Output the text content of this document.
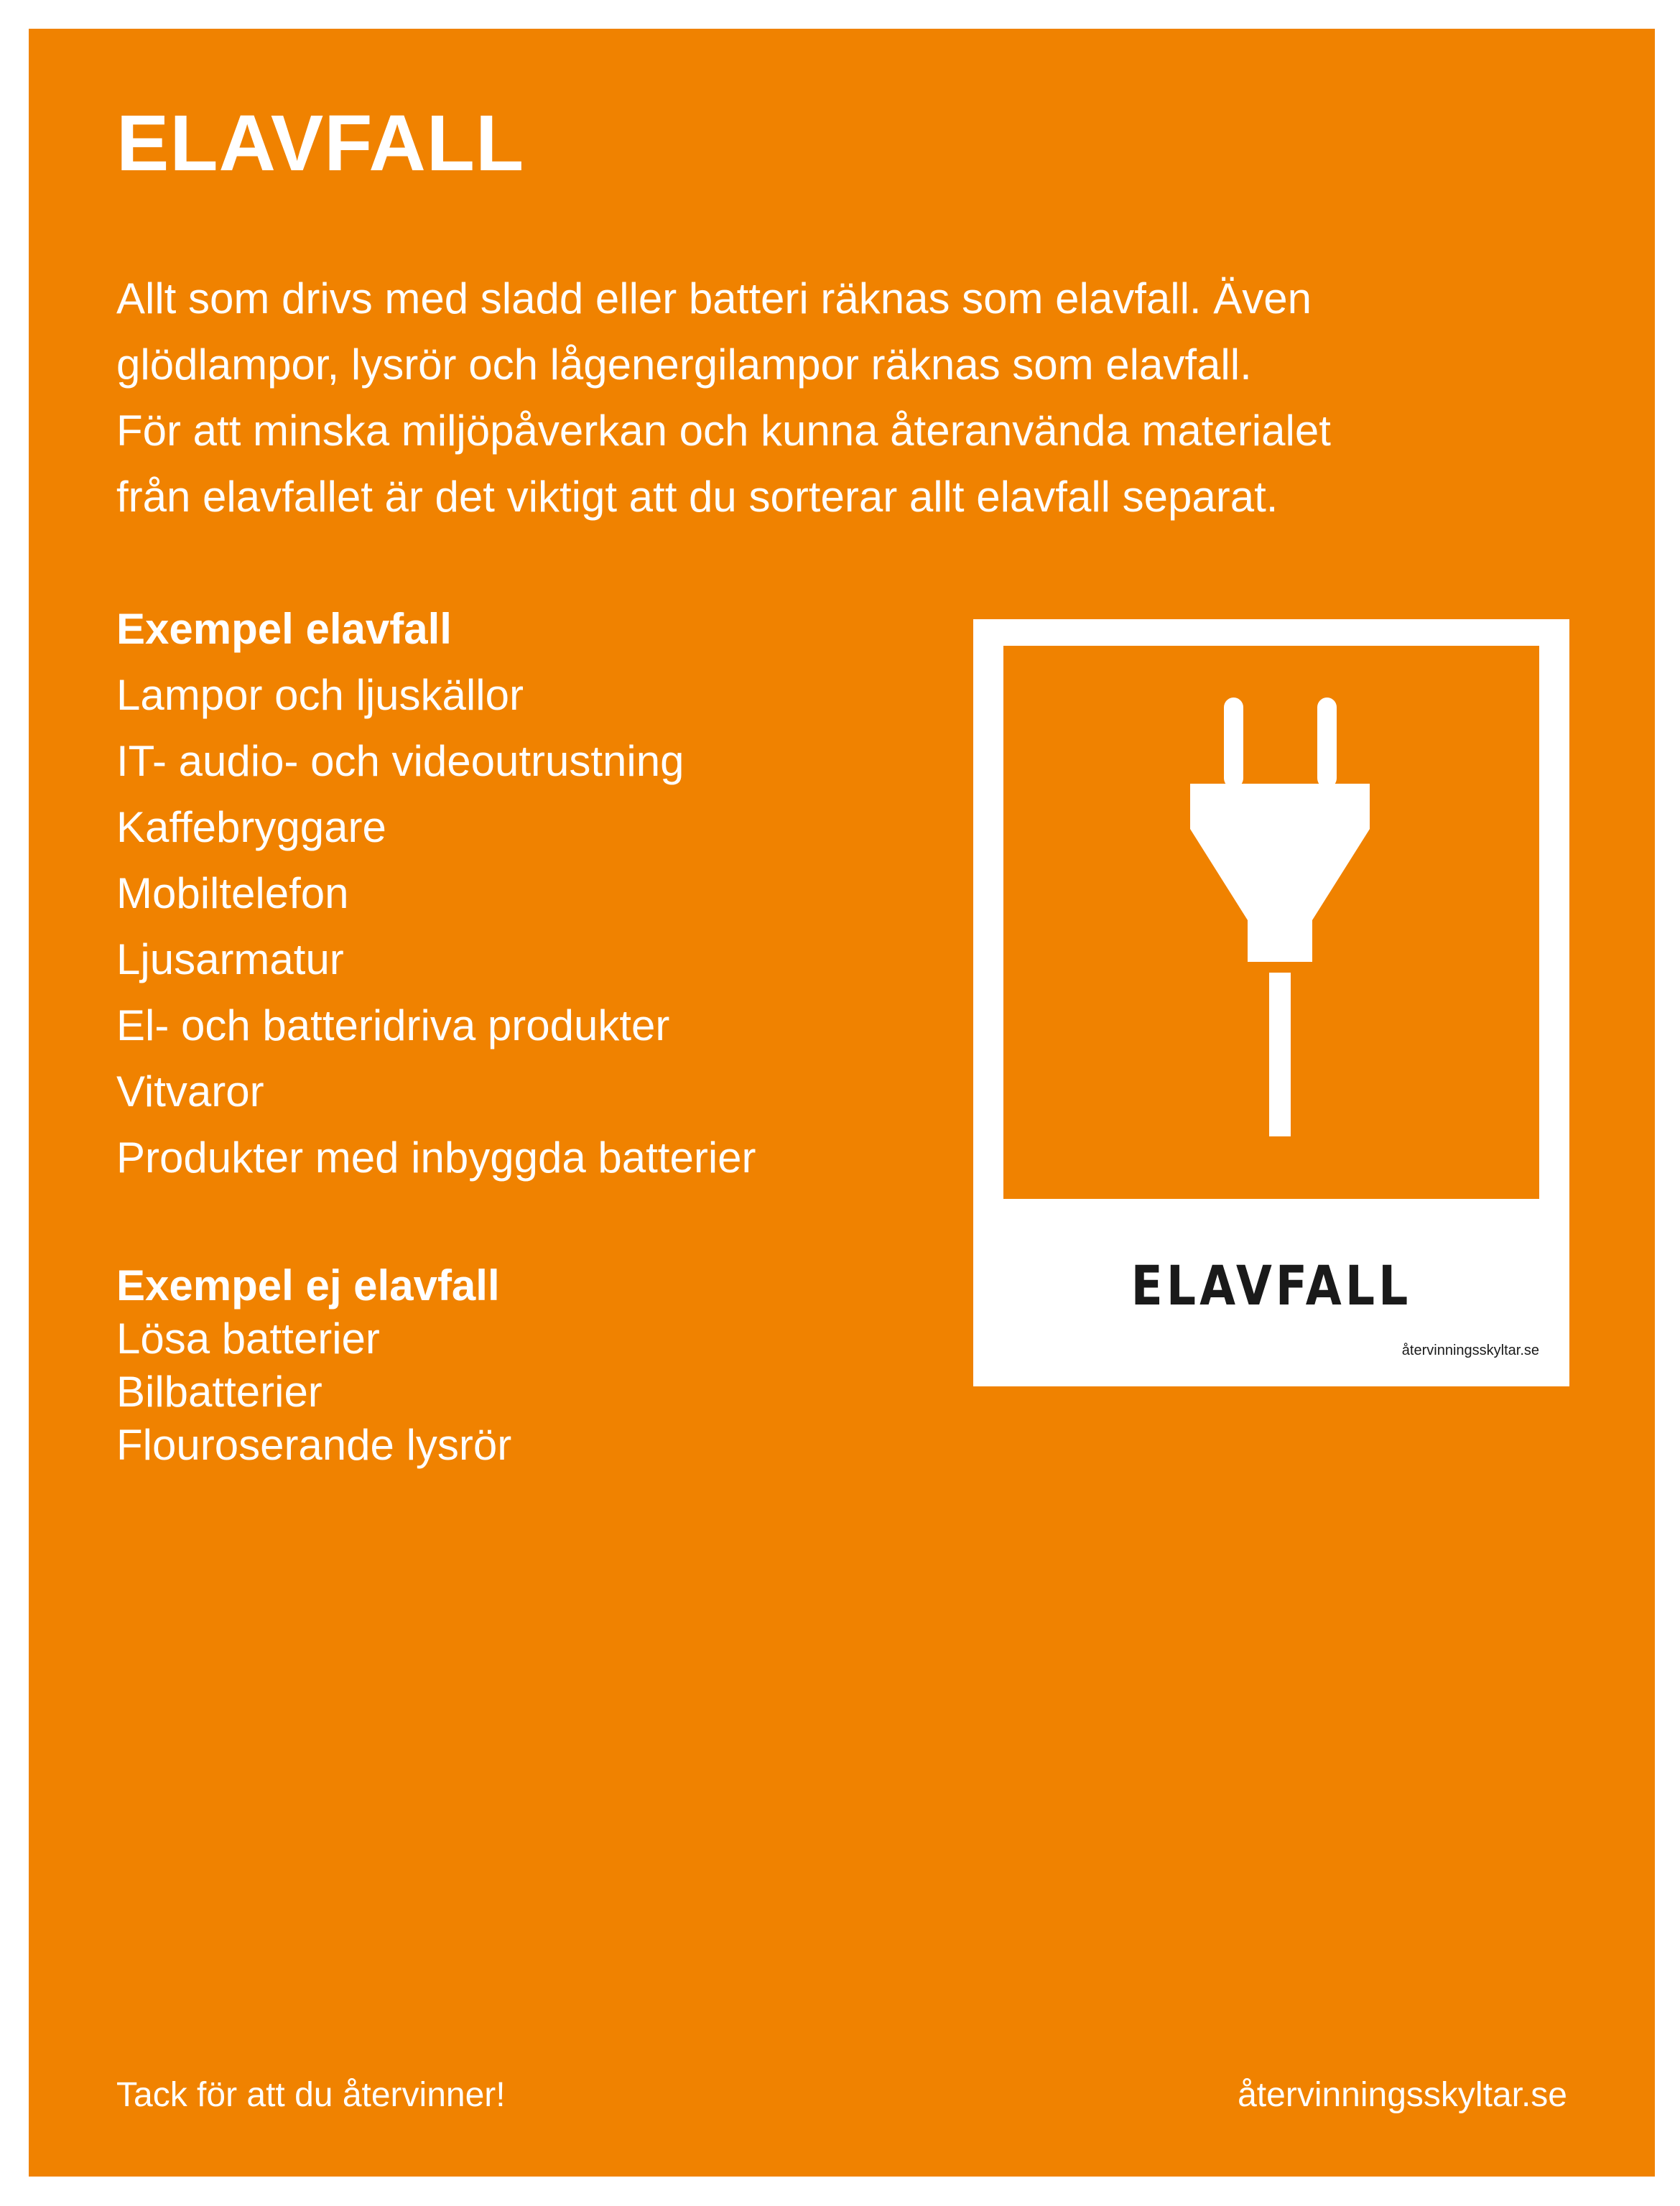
ELAVFALL

Allt som drivs med sladd eller batteri räknas som elavfall. Även
glödlampor, lysrör och lågenergilampor räknas som elavfall.
För att minska miljöpåverkan och kunna återanvända materialet
från elavfallet är det viktigt att du sorterar allt elavfall separat.

Exempel elavfall
Lampor och ljuskällor
IT- audio- och videoutrustning
Kaffebryggare
Mobiltelefon
Ljusarmatur
El- och batteridriva produkter
Vitvaror
Produkter med inbyggda batterier
Exempel ej elavfall
Lösa batterier
Bilbatterier
Flouroserande lysrör
ELAVFALL
återvinningsskyltar.se
Tack för att du återvinner!	återvinningsskyltar.se
